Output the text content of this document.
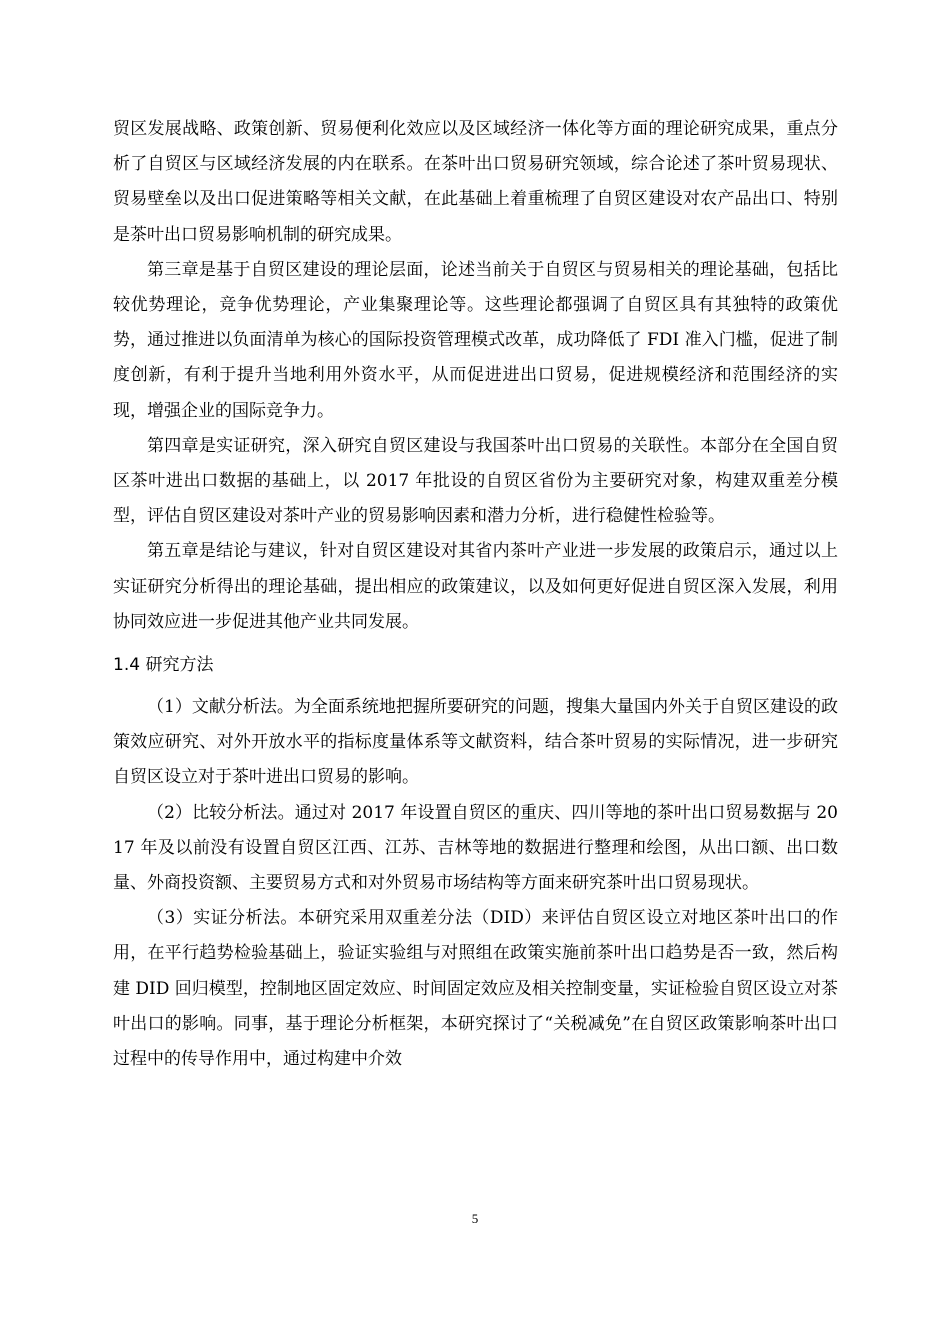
贸区发展战略、政策创新、贸易便利化效应以及区域经济一体化等方面的理论研究成果，重点分析了自贸区与区域经济发展的内在联系。在茶叶出口贸易研究领域，综合论述了茶叶贸易现状、贸易壁垒以及出口促进策略等相关文献，在此基础上着重梳理了自贸区建设对农产品出口、特别是茶叶出口贸易影响机制的研究成果。

第三章是基于自贸区建设的理论层面，论述当前关于自贸区与贸易相关的理论基础，包括比较优势理论，竞争优势理论，产业集聚理论等。这些理论都强调了自贸区具有其独特的政策优势，通过推进以负面清单为核心的国际投资管理模式改革，成功降低了 FDI 准入门槛，促进了制度创新，有利于提升当地利用外资水平，从而促进进出口贸易，促进规模经济和范围经济的实现，增强企业的国际竞争力。

第四章是实证研究，深入研究自贸区建设与我国茶叶出口贸易的关联性。本部分在全国自贸区茶叶进出口数据的基础上，以 2017 年批设的自贸区省份为主要研究对象，构建双重差分模型，评估自贸区建设对茶叶产业的贸易影响因素和潜力分析，进行稳健性检验等。

第五章是结论与建议，针对自贸区建设对其省内茶叶产业进一步发展的政策启示，通过以上实证研究分析得出的理论基础，提出相应的政策建议，以及如何更好促进自贸区深入发展，利用协同效应进一步促进其他产业共同发展。

1.4 研究方法

（1）文献分析法。为全面系统地把握所要研究的问题，搜集大量国内外关于自贸区建设的政策效应研究、对外开放水平的指标度量体系等文献资料，结合茶叶贸易的实际情况，进一步研究自贸区设立对于茶叶进出口贸易的影响。

（2）比较分析法。通过对 2017 年设置自贸区的重庆、四川等地的茶叶出口贸易数据与 2017 年及以前没有设置自贸区江西、江苏、吉林等地的数据进行整理和绘图，从出口额、出口数量、外商投资额、主要贸易方式和对外贸易市场结构等方面来研究茶叶出口贸易现状。

（3）实证分析法。本研究采用双重差分法（DID）来评估自贸区设立对地区茶叶出口的作用，在平行趋势检验基础上，验证实验组与对照组在政策实施前茶叶出口趋势是否一致，然后构建 DID 回归模型，控制地区固定效应、时间固定效应及相关控制变量，实证检验自贸区设立对茶叶出口的影响。同事，基于理论分析框架，本研究探讨了“关税减免”在自贸区政策影响茶叶出口过程中的传导作用中，通过构建中介效

5
